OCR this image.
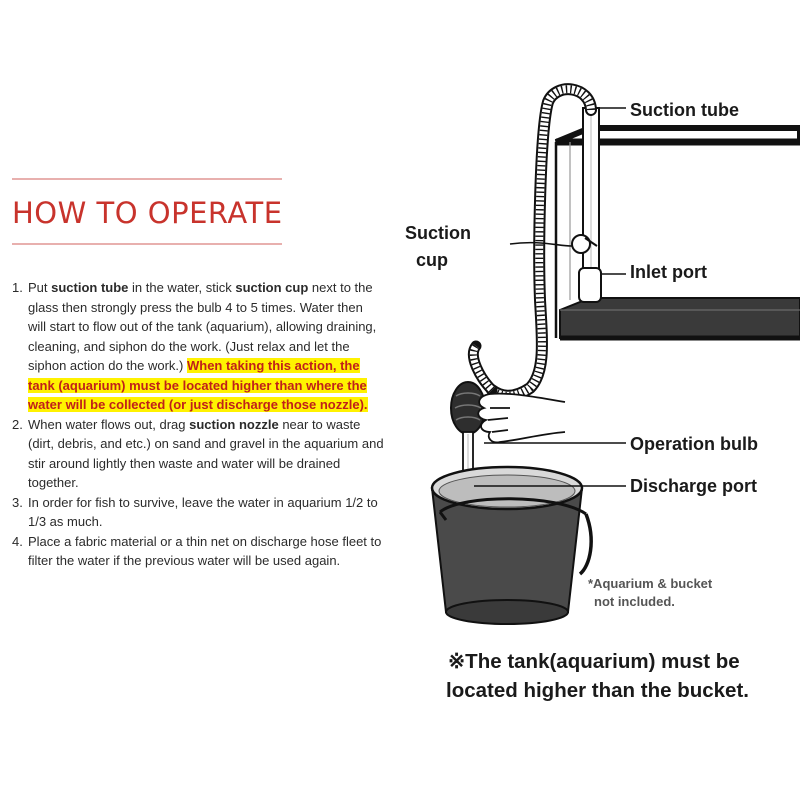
HOW TO OPERATE
1. Put suction tube in the water, stick suction cup next to the glass then strongly press the bulb 4 to 5 times. Water then will start to flow out of the tank (aquarium), allowing draining, cleaning, and siphon do the work. (Just relax and let the siphon action do the work.) When taking this action, the tank (aquarium) must be located higher than where the water will be collected (or just discharge those nozzle).
2. When water flows out, drag suction nozzle near to waste (dirt, debris, and etc.) on sand and gravel in the aquarium and stir around lightly then waste and water will be drained together.
3. In order for fish to survive, leave the water in aquarium 1/2 to 1/3 as much.
4. Place a fabric material or a thin net on discharge hose fleet to filter the water if the previous water will be used again.
Suction tube
Suction
cup
Inlet port
Operation bulb
Discharge port
*Aquarium & bucket
not included.
※The tank(aquarium) must be
located higher than the bucket.
